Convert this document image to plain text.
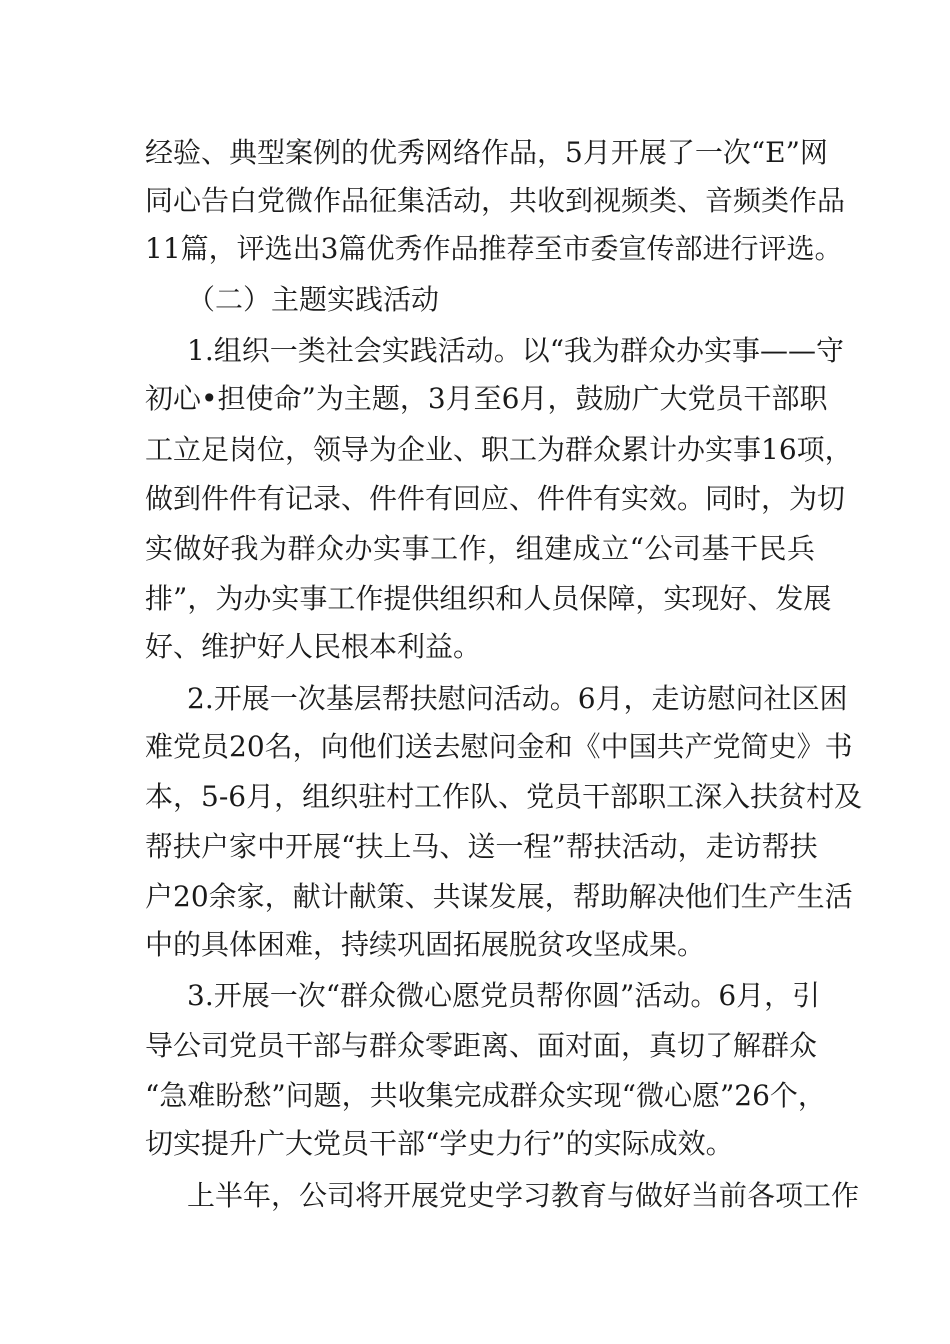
经验、典型案例的优秀网络作品，5月开展了一次“E”网
同心告白党微作品征集活动，共收到视频类、音频类作品
11篇，评选出3篇优秀作品推荐至市委宣传部进行评选。
（二）主题实践活动
1.组织一类社会实践活动。以“我为群众办实事——守
初心•担使命”为主题，3月至6月，鼓励广大党员干部职
工立足岗位，领导为企业、职工为群众累计办实事16项，
做到件件有记录、件件有回应、件件有实效。同时，为切
实做好我为群众办实事工作，组建成立“公司基干民兵
排”，为办实事工作提供组织和人员保障，实现好、发展
好、维护好人民根本利益。
2.开展一次基层帮扶慰问活动。6月，走访慰问社区困
难党员20名，向他们送去慰问金和《中国共产党简史》书
本，5-6月，组织驻村工作队、党员干部职工深入扶贫村及
帮扶户家中开展“扶上马、送一程”帮扶活动，走访帮扶
户20余家，献计献策、共谋发展，帮助解决他们生产生活
中的具体困难，持续巩固拓展脱贫攻坚成果。
3.开展一次“群众微心愿党员帮你圆”活动。6月，引
导公司党员干部与群众零距离、面对面，真切了解群众
“急难盼愁”问题，共收集完成群众实现“微心愿”26个，
切实提升广大党员干部“学史力行”的实际成效。
上半年，公司将开展党史学习教育与做好当前各项工作
